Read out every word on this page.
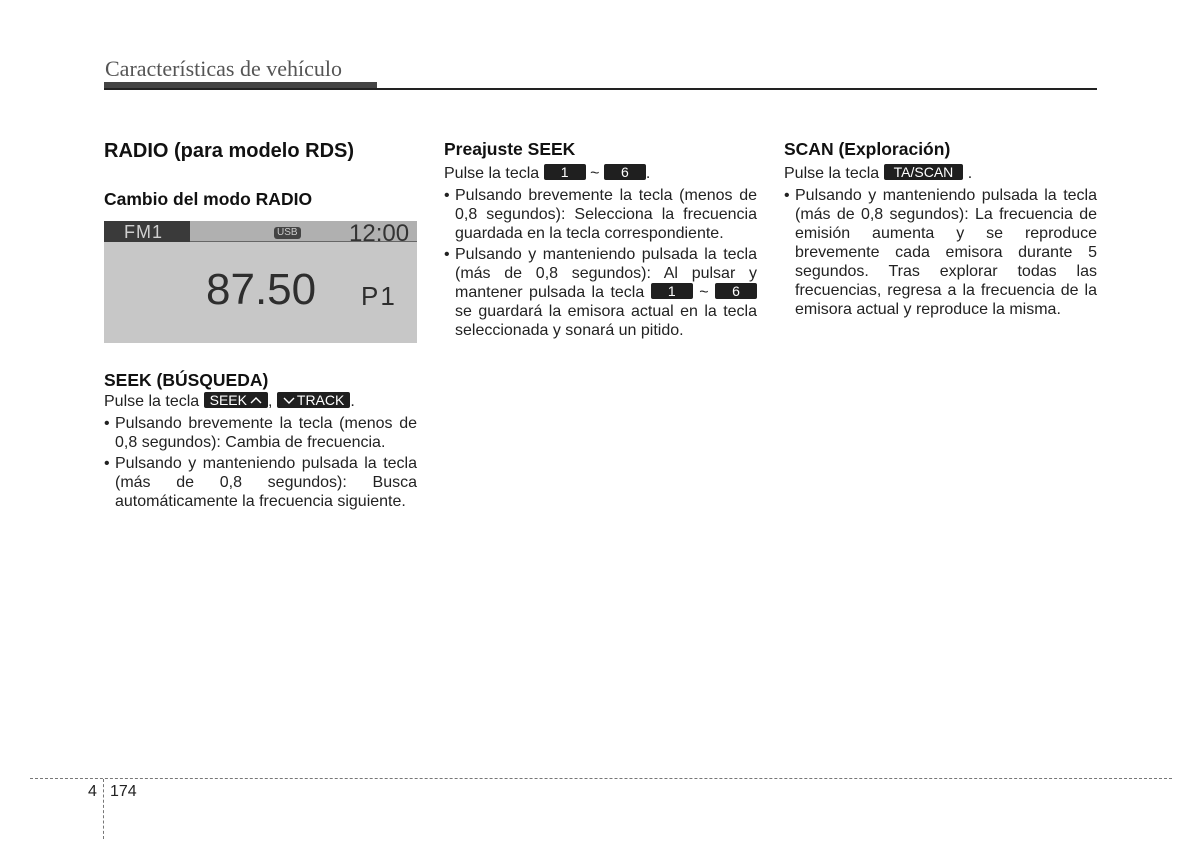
Características de vehículo
RADIO (para modelo RDS)
Cambio del modo RADIO
FM1	USB 12:00
87.50 P1
SEEK (BÚSQUEDA)
Pulse la tecla SEEK , TRACK .
• Pulsando brevemente la tecla (menos de 0,8 segundos): Cambia de frecuencia.
• Pulsando y manteniendo pulsada la tecla (más de 0,8 segundos): Busca automáticamente la frecuencia siguiente.
Preajuste SEEK
Pulse la tecla 1 ~ 6 .
• Pulsando brevemente la tecla (menos de 0,8 segundos): Selecciona la frecuencia guardada en la tecla correspondiente.
• Pulsando y manteniendo pulsada la tecla (más de 0,8 segundos): Al pulsar y mantener pulsada la tecla 1 ~ 6 se guardará la emisora actual en la tecla seleccionada y sonará un pitido.
SCAN (Exploración)
Pulse la tecla TA/SCAN .
• Pulsando y manteniendo pulsada la tecla (más de 0,8 segundos): La frecuencia de emisión aumenta y se reproduce brevemente cada emisora durante 5 segundos. Tras explorar todas las frecuencias, regresa a la frecuencia de la emisora actual y reproduce la misma.
4 174
